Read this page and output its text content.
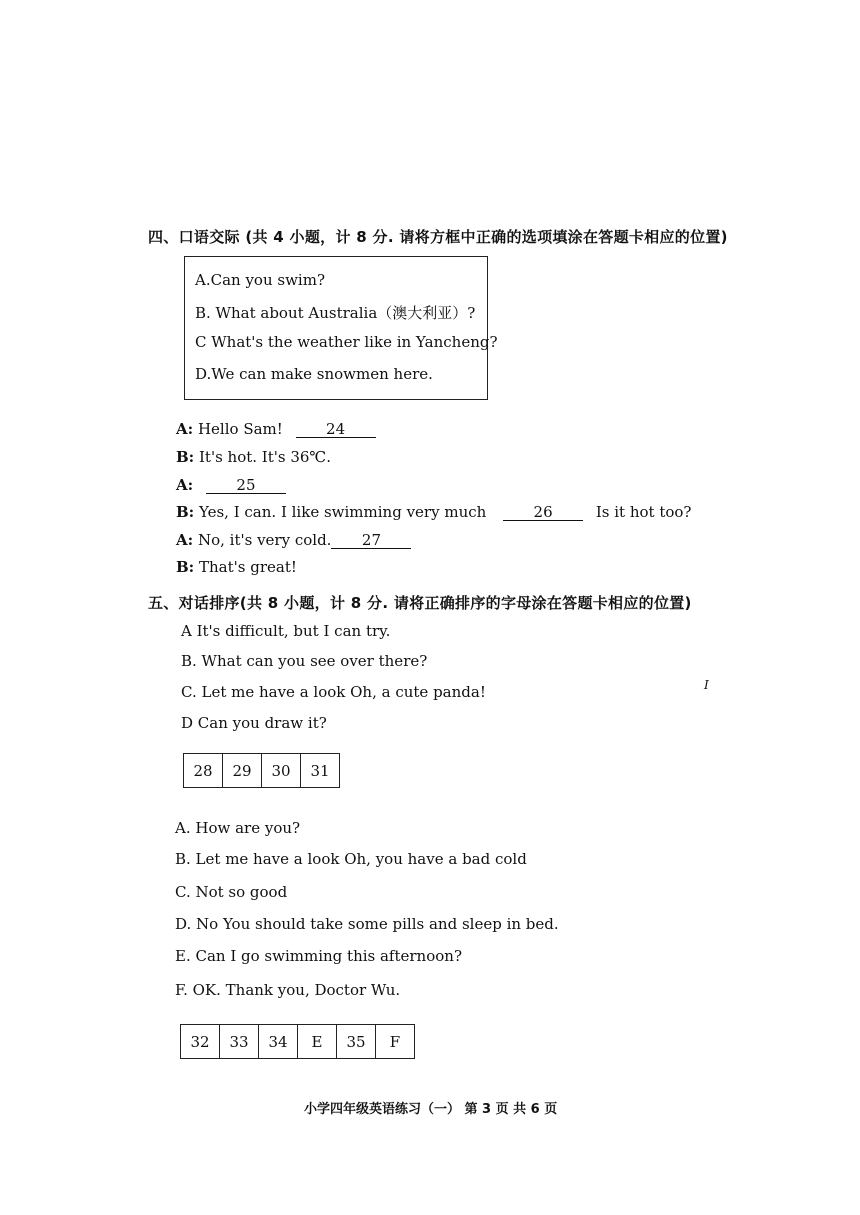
四、口语交际 (共 4 小题，计 8 分. 请将方框中正确的选项填涂在答题卡相应的位置)
A.Can you swim?
B. What about Australia（澳大利亚）?
C What's the weather like in Yancheng?
D.We can make snowmen here.
A: Hello Sam!	24
B: It's hot. It's 36℃.
A:	25
B: Yes, I can. I like swimming very much	26	Is it hot too?
A: No, it's very cold. 27
B: That's great!
五、对话排序(共 8 小题，计 8 分. 请将正确排序的字母涂在答题卡相应的位置)
A It's difficult, but I can try.
B. What can you see over there?
C. Let me have a look Oh, a cute panda!
D Can you draw it?
I
28	29	30	31
A. How are you?
B. Let me have a look Oh, you have a bad cold
C. Not so good
D. No You should take some pills and sleep in bed.
E. Can I go swimming this afternoon?
F. OK. Thank you, Doctor Wu.
32	33	34	E	35	F
小学四年级英语练习（一） 第 3 页 共 6 页
